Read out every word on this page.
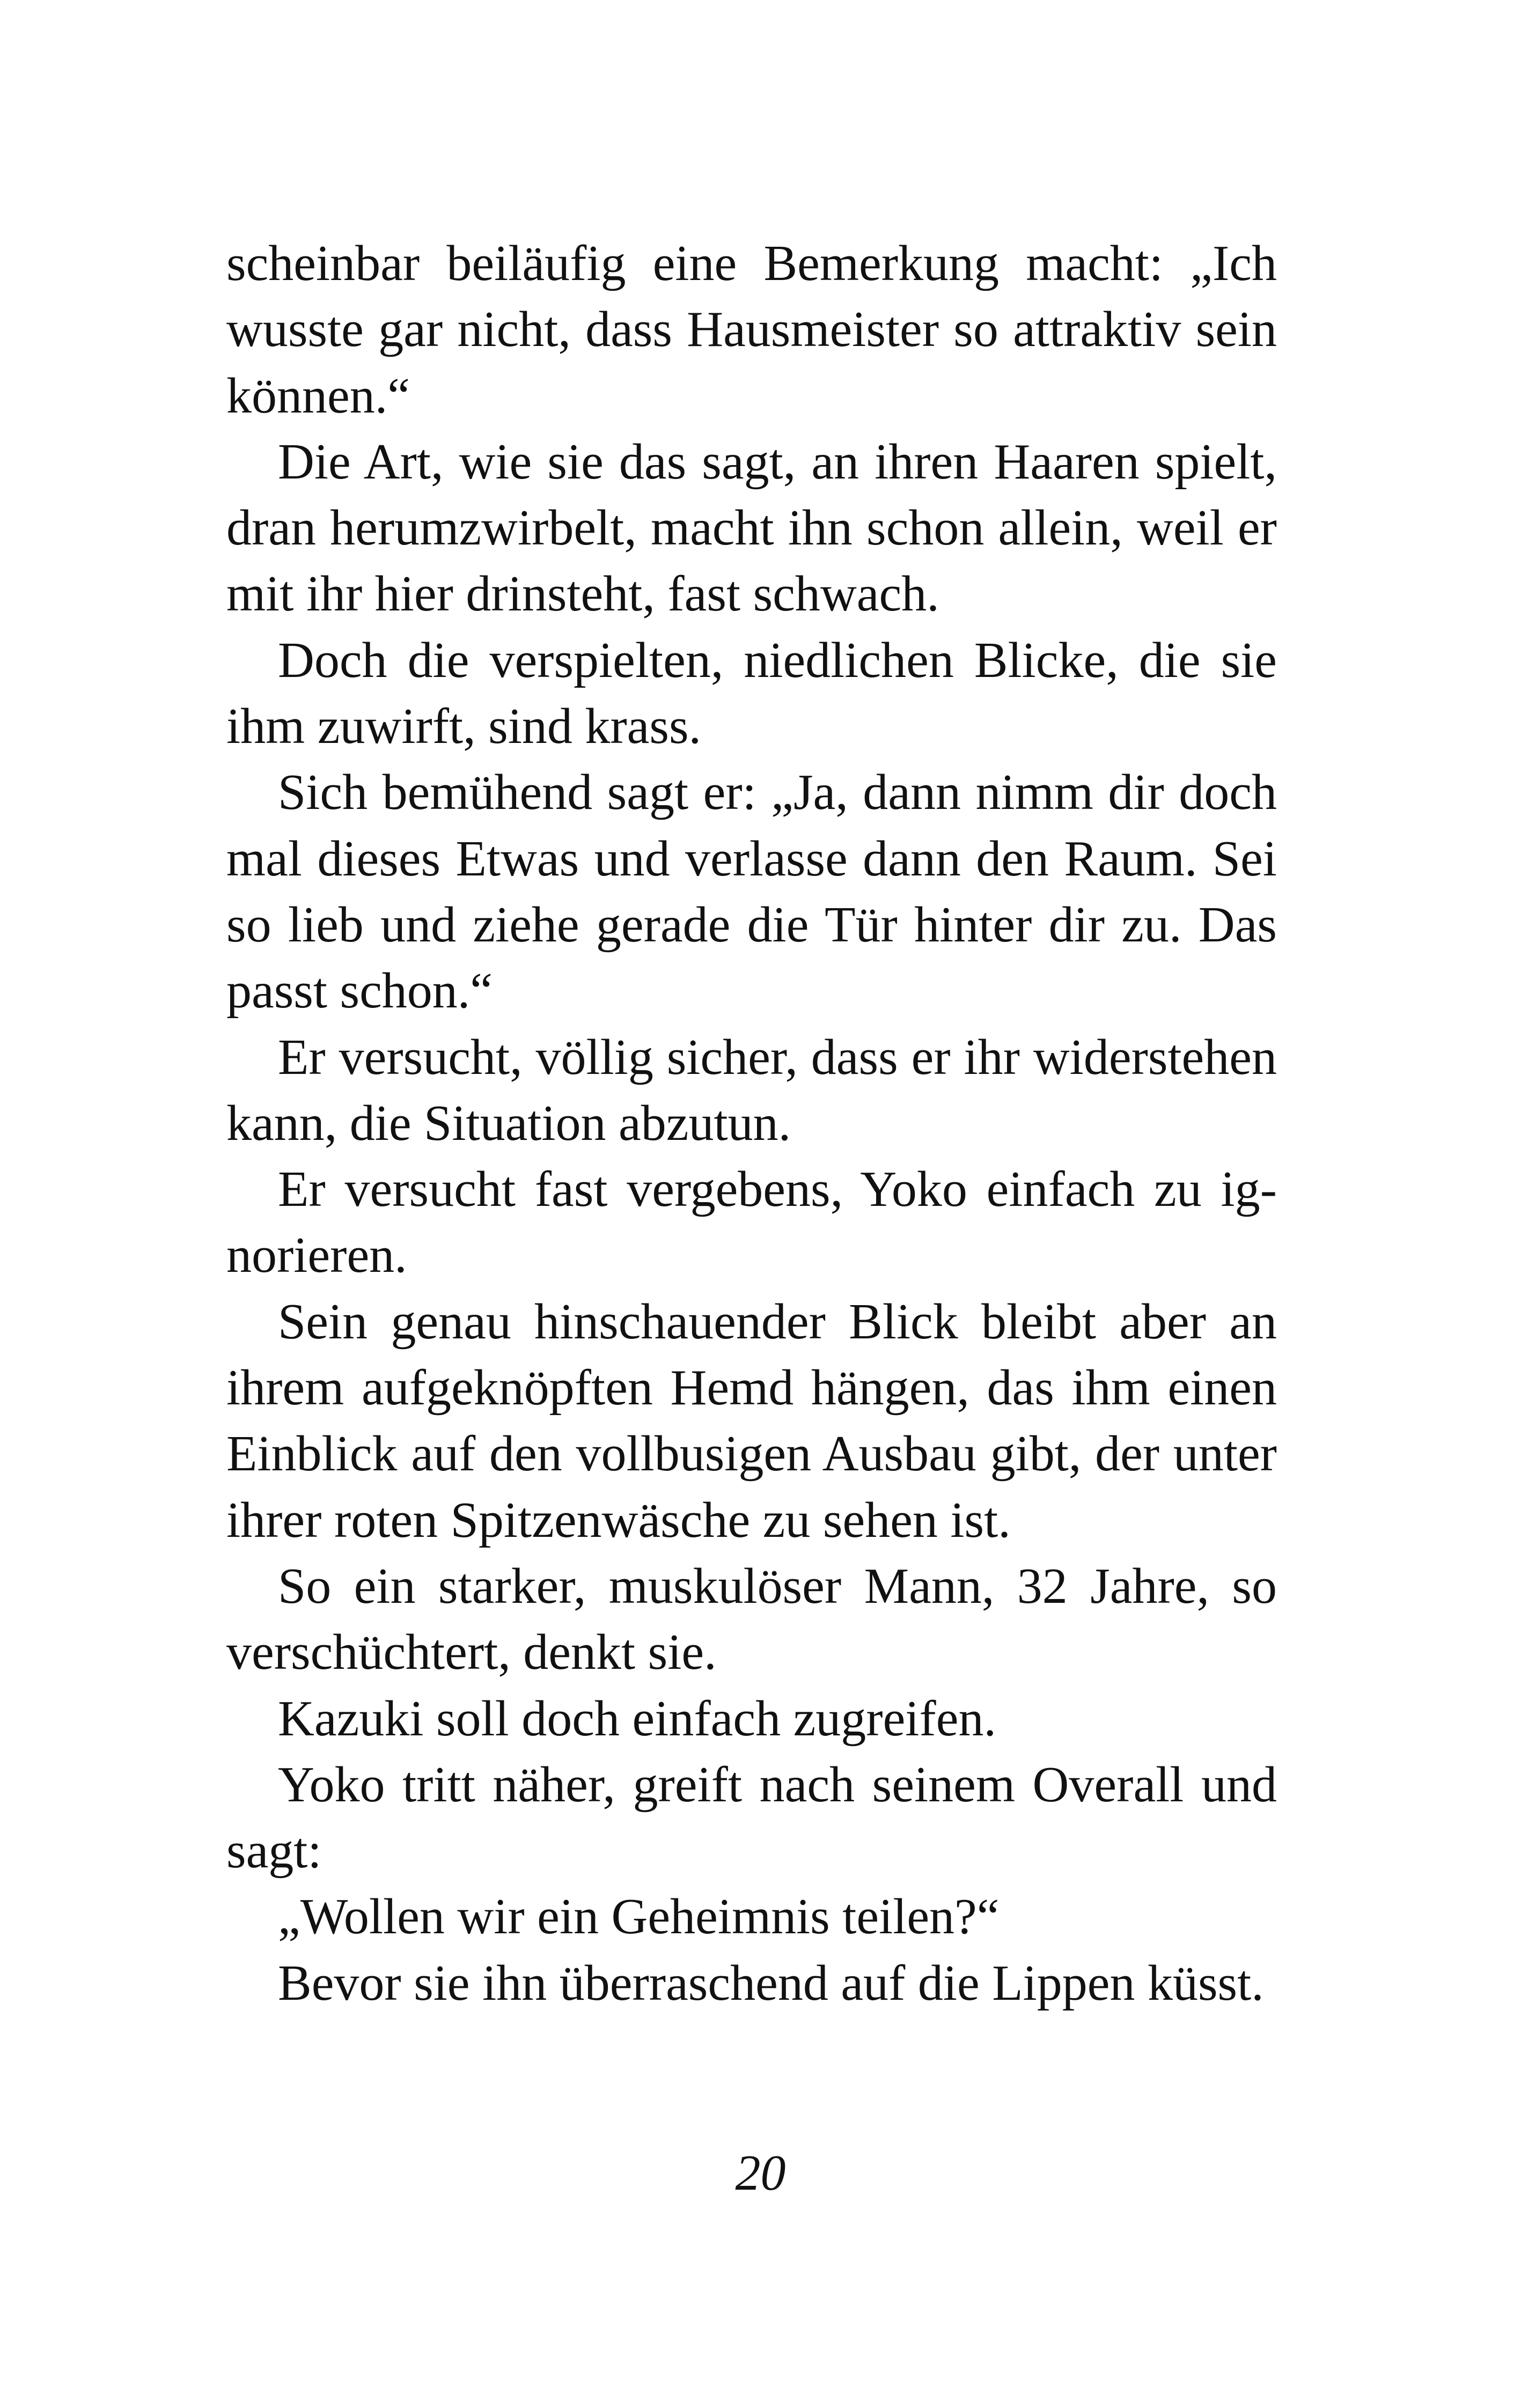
scheinbar beiläufig eine Bemerkung macht: „Ich wusste gar nicht, dass Hausmeister so attraktiv sein können.“

Die Art, wie sie das sagt, an ihren Haaren spielt, dran herumzwirbelt, macht ihn schon allein, weil er mit ihr hier drinsteht, fast schwach.

Doch die verspielten, niedlichen Blicke, die sie ihm zuwirft, sind krass.

Sich bemühend sagt er: „Ja, dann nimm dir doch mal dieses Etwas und verlasse dann den Raum. Sei so lieb und ziehe gerade die Tür hinter dir zu. Das passt schon.“

Er versucht, völlig sicher, dass er ihr widerstehen kann, die Situation abzutun.

Er versucht fast vergebens, Yoko einfach zu ignorieren.

Sein genau hinschauender Blick bleibt aber an ihrem aufgeknöpften Hemd hängen, das ihm einen Einblick auf den vollbusigen Ausbau gibt, der unter ihrer roten Spitzenwäsche zu sehen ist.

So ein starker, muskulöser Mann, 32 Jahre, so verschüchtert, denkt sie.

Kazuki soll doch einfach zugreifen.

Yoko tritt näher, greift nach seinem Overall und sagt:

„Wollen wir ein Geheimnis teilen?“

Bevor sie ihn überraschend auf die Lippen küsst.

20
